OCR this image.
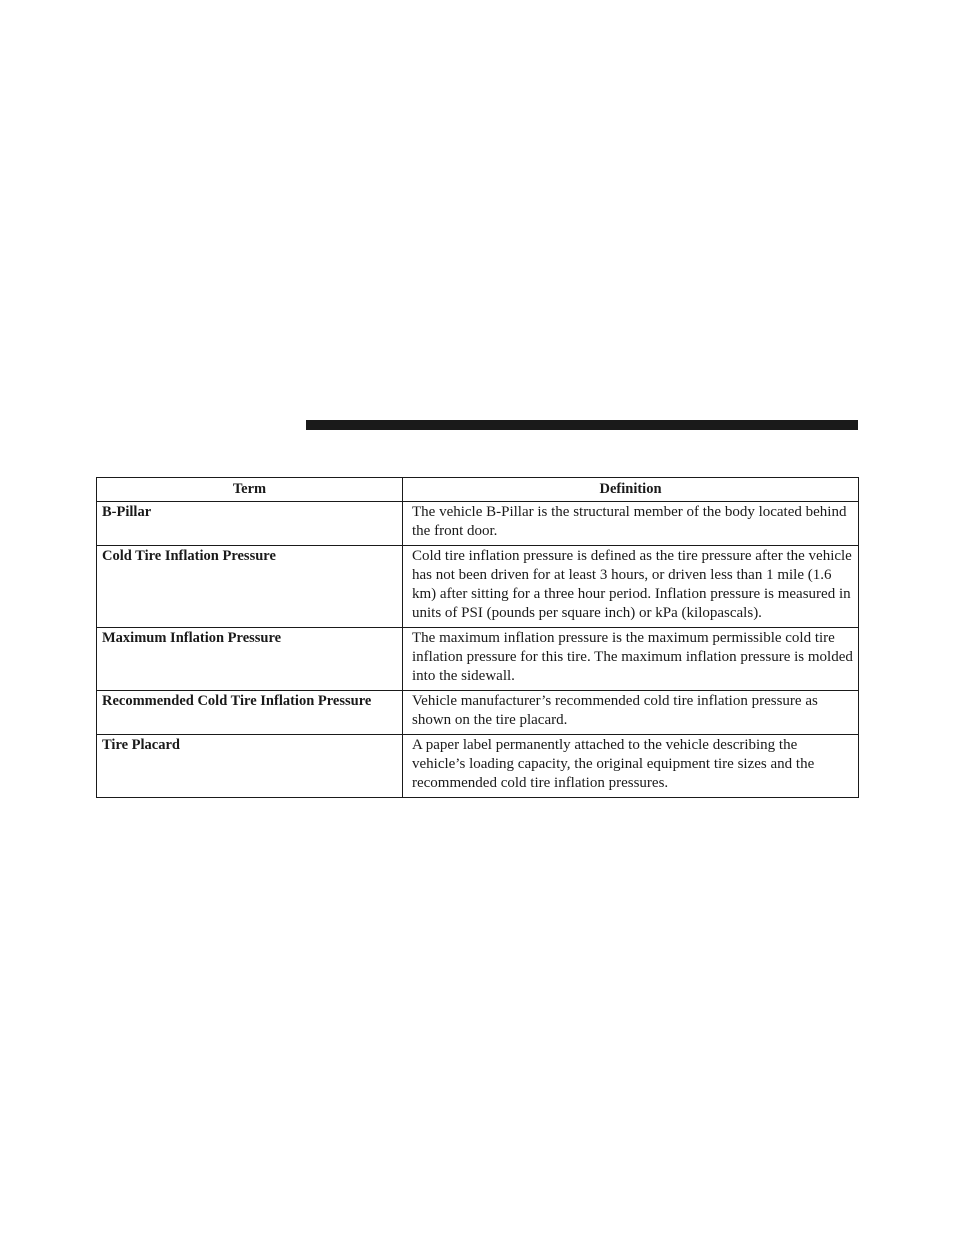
Term	Definition
B-Pillar	The vehicle B-Pillar is the structural member of the body located behind the front door.
Cold Tire Inflation Pressure	Cold tire inflation pressure is defined as the tire pressure after the vehicle has not been driven for at least 3 hours, or driven less than 1 mile (1.6 km) after sitting for a three hour period. Inflation pressure is measured in units of PSI (pounds per square inch) or kPa (kilopascals).
Maximum Inflation Pressure	The maximum inflation pressure is the maximum permissible cold tire inflation pressure for this tire. The maximum inflation pressure is molded into the sidewall.
Recommended Cold Tire Inflation Pressure	Vehicle manufacturer’s recommended cold tire inflation pressure as shown on the tire placard.
Tire Placard	A paper label permanently attached to the vehicle describing the vehicle’s loading capacity, the original equipment tire sizes and the recommended cold tire inflation pressures.
